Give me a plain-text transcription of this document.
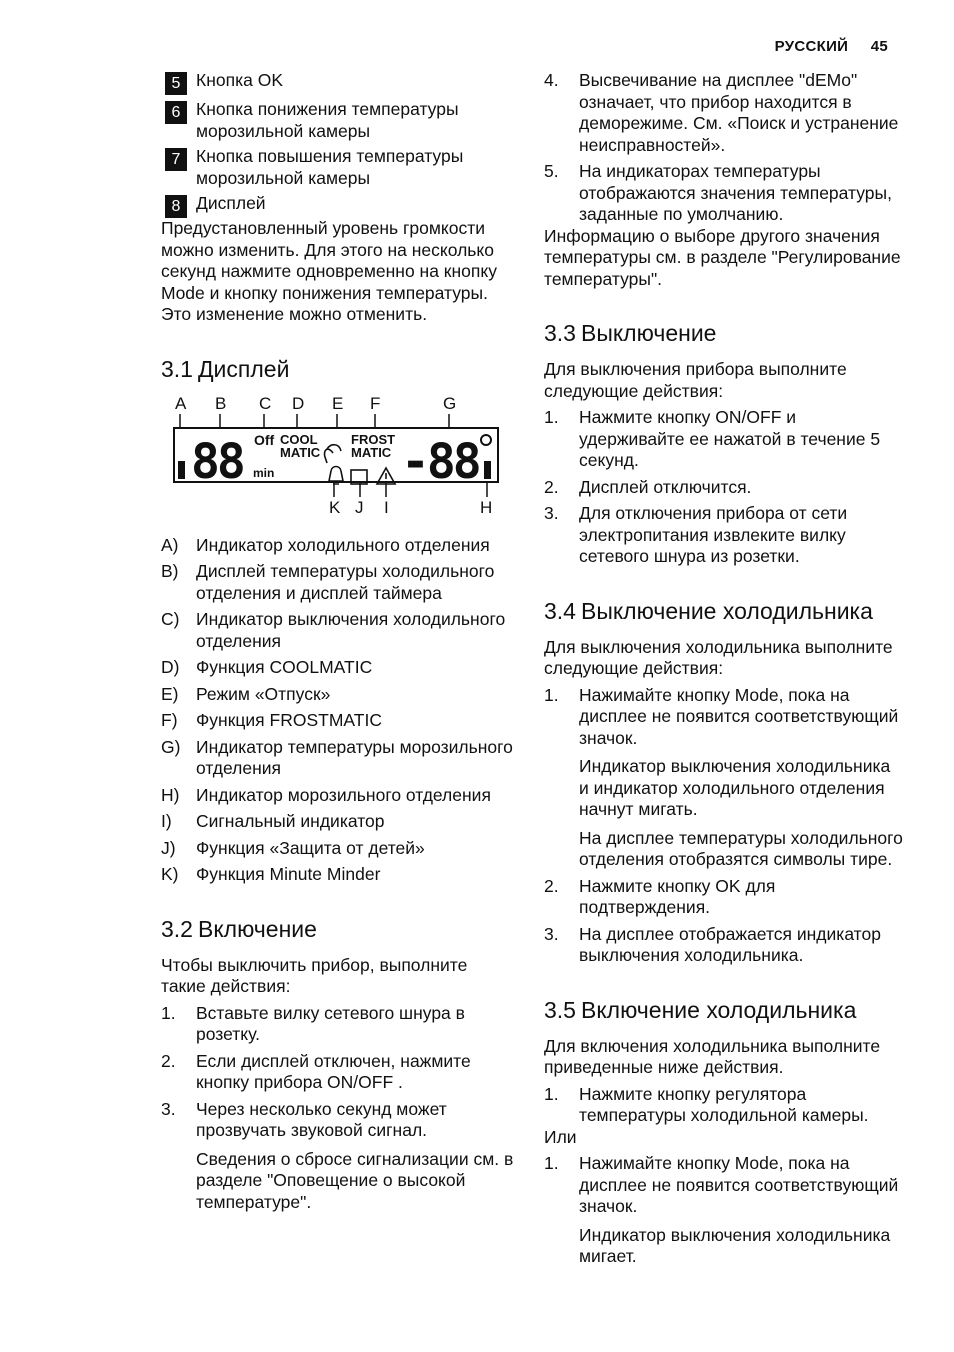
РУССКИЙ 45
5 Кнопка OK
6 Кнопка понижения температуры морозильной камеры
7 Кнопка повышения температуры морозильной камеры
8 Дисплей

Предустановленный уровень громкости можно изменить. Для этого на несколько секунд нажмите одновременно на кнопку Mode и кнопку понижения температуры. Это изменение можно отменить.

3.1 Дисплей
A B C D E F	G
88 Off
min
COOL
MATIC
FROST
MATIC -88
K J I	H
A)	Индикатор холодильного отделения
B)	Дисплей температуры холодильного отделения и дисплей таймера
C) Индикатор выключения холодильного отделения
D) Функция COOLMATIC
E)	Режим «Отпуск»
F)	Функция FROSTMATIC
G) Индикатор температуры морозильного отделения
H) Индикатор морозильного отделения
I)	Сигнальный индикатор
J)	Функция «Защита от детей»
K)	Функция Minute Minder
3.2 Включение

Чтобы выключить прибор, выполните такие действия:

1.	Вставьте вилку сетевого шнура в розетку.
2.	Если дисплей отключен, нажмите кнопку прибора ON/OFF .
3.	Через несколько секунд может прозвучать звуковой сигнал.

Сведения о сбросе сигнализации см. в разделе "Оповещение о высокой температуре".

4.	Высвечивание на дисплее "dEMo" означает, что прибор находится в деморежиме. См. «Поиск и устранение неисправностей».
5.	На индикаторах температуры отображаются значения температуры, заданные по умолчанию.

Информацию о выборе другого значения температуры см. в разделе "Регулирование температуры".

3.3 Выключение

Для выключения прибора выполните следующие действия:

1.	Нажмите кнопку ON/OFF и удерживайте ее нажатой в течение 5 секунд.
2.	Дисплей отключится.
3.	Для отключения прибора от сети электропитания извлеките вилку сетевого шнура из розетки.
3.4 Выключение холодильника

Для выключения холодильника выполните следующие действия:

1.	Нажимайте кнопку Mode, пока на дисплее не появится соответствующий значок.

Индикатор выключения холодильника и индикатор холодильного отделения начнут мигать.

На дисплее температуры холодильного отделения отобразятся символы тире.

2.	Нажмите кнопку OK для подтверждения.
3.	На дисплее отображается индикатор выключения холодильника.
3.5 Включение холодильника

Для включения холодильника выполните приведенные ниже действия.

1.	Нажмите кнопку регулятора температуры холодильной камеры.

Или

1.	Нажимайте кнопку Mode, пока на дисплее не появится соответствующий значок.

Индикатор выключения холодильника мигает.
